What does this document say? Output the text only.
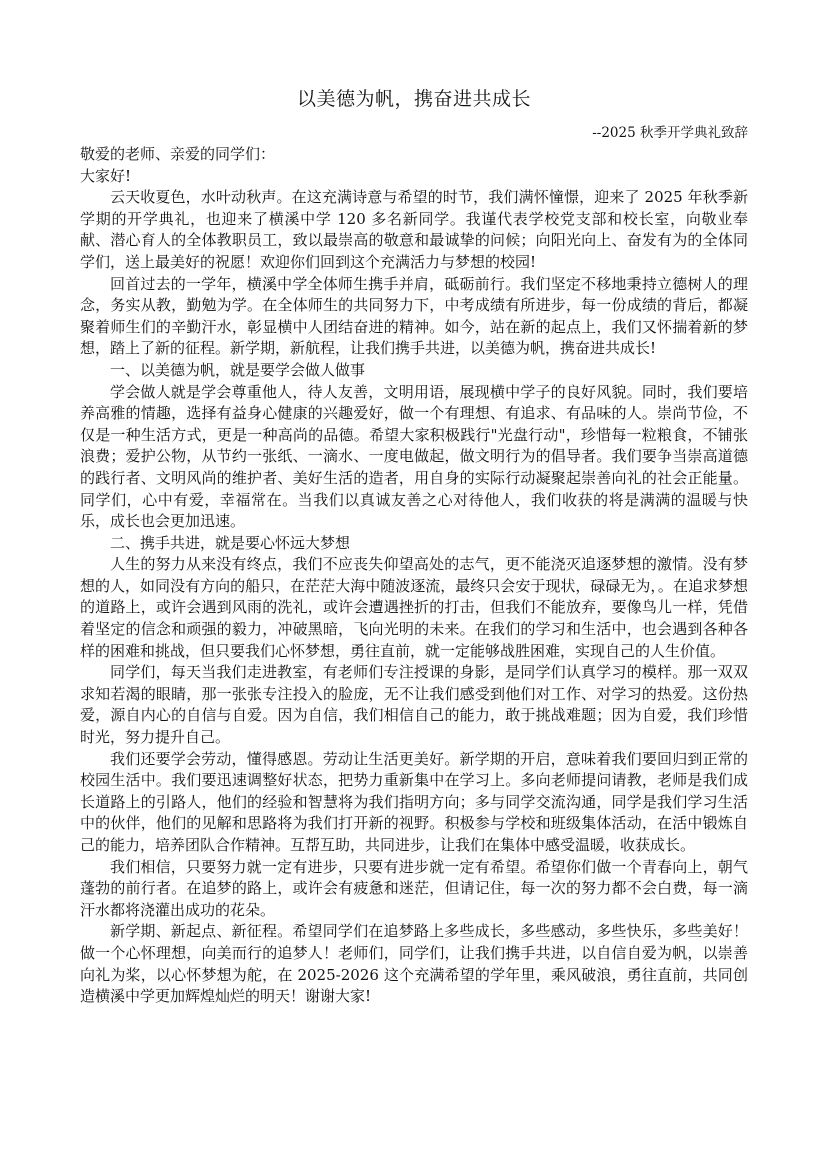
以美德为帆，携奋进共成长
--2025 秋季开学典礼致辞

敬爱的老师、亲爱的同学们：

大家好!

云天收夏色，水叶动秋声。在这充满诗意与希望的时节，我们满怀憧憬，迎来了 2025 年秋季新学期的开学典礼，也迎来了横溪中学 120 多名新同学。我谨代表学校党支部和校长室，向敬业奉献、潜心育人的全体教职员工，致以最崇高的敬意和最诚挚的问候；向阳光向上、奋发有为的全体同学们，送上最美好的祝愿！欢迎你们回到这个充满活力与梦想的校园!

回首过去的一学年，横溪中学全体师生携手并肩，砥砺前行。我们坚定不移地秉持立德树人的理念，务实从教，勤勉为学。在全体师生的共同努力下，中考成绩有所进步，每一份成绩的背后，都凝聚着师生们的辛勤汗水，彰显横中人团结奋进的精神。如今，站在新的起点上，我们又怀揣着新的梦想，踏上了新的征程。新学期，新航程，让我们携手共进，以美德为帆，携奋进共成长!

一、以美德为帆，就是要学会做人做事

学会做人就是学会尊重他人，待人友善，文明用语，展现横中学子的良好风貌。同时，我们要培养高雅的情趣，选择有益身心健康的兴趣爱好，做一个有理想、有追求、有品味的人。崇尚节俭，不仅是一种生活方式，更是一种高尚的品德。希望大家积极践行"光盘行动"，珍惜每一粒粮食，不铺张浪费；爱护公物，从节约一张纸、一滴水、一度电做起，做文明行为的倡导者。我们要争当崇高道德的践行者、文明风尚的维护者、美好生活的造者，用自身的实际行动凝聚起崇善向礼的社会正能量。同学们，心中有爱，幸福常在。当我们以真诚友善之心对待他人，我们收获的将是满满的温暖与快乐，成长也会更加迅速。

二、携手共进，就是要心怀远大梦想

人生的努力从来没有终点，我们不应丧失仰望高处的志气，更不能浇灭追逐梦想的激情。没有梦想的人，如同没有方向的船只，在茫茫大海中随波逐流，最终只会安于现状，碌碌无为，。在追求梦想的道路上，或许会遇到风雨的洗礼，或许会遭遇挫折的打击，但我们不能放弃，要像鸟儿一样，凭借着坚定的信念和顽强的毅力，冲破黑暗，飞向光明的未来。在我们的学习和生活中，也会遇到各种各样的困难和挑战，但只要我们心怀梦想，勇往直前，就一定能够战胜困难，实现自己的人生价值。

同学们，每天当我们走进教室，有老师们专注授课的身影，是同学们认真学习的模样。那一双双求知若渴的眼睛，那一张张专注投入的脸庞，无不让我们感受到他们对工作、对学习的热爱。这份热爱，源自内心的自信与自爱。因为自信，我们相信自己的能力，敢于挑战难题；因为自爱，我们珍惜时光，努力提升自己。

我们还要学会劳动，懂得感恩。劳动让生活更美好。新学期的开启，意味着我们要回归到正常的校园生活中。我们要迅速调整好状态，把势力重新集中在学习上。多向老师提问请教，老师是我们成长道路上的引路人，他们的经验和智慧将为我们指明方向；多与同学交流沟通，同学是我们学习生活中的伙伴，他们的见解和思路将为我们打开新的视野。积极参与学校和班级集体活动，在活中锻炼自己的能力，培养团队合作精神。互帮互助，共同进步，让我们在集体中感受温暖，收获成长。

我们相信，只要努力就一定有进步，只要有进步就一定有希望。希望你们做一个青春向上，朝气蓬勃的前行者。在追梦的路上，或许会有疲惫和迷茫，但请记住，每一次的努力都不会白费，每一滴汗水都将浇灌出成功的花朵。

新学期、新起点、新征程。希望同学们在追梦路上多些成长，多些感动，多些快乐，多些美好！做一个心怀理想，向美而行的追梦人！老师们，同学们，让我们携手共进，以自信自爱为帆，以崇善向礼为桨，以心怀梦想为舵，在 2025-2026 这个充满希望的学年里，乘风破浪，勇往直前，共同创造横溪中学更加辉煌灿烂的明天！谢谢大家!
